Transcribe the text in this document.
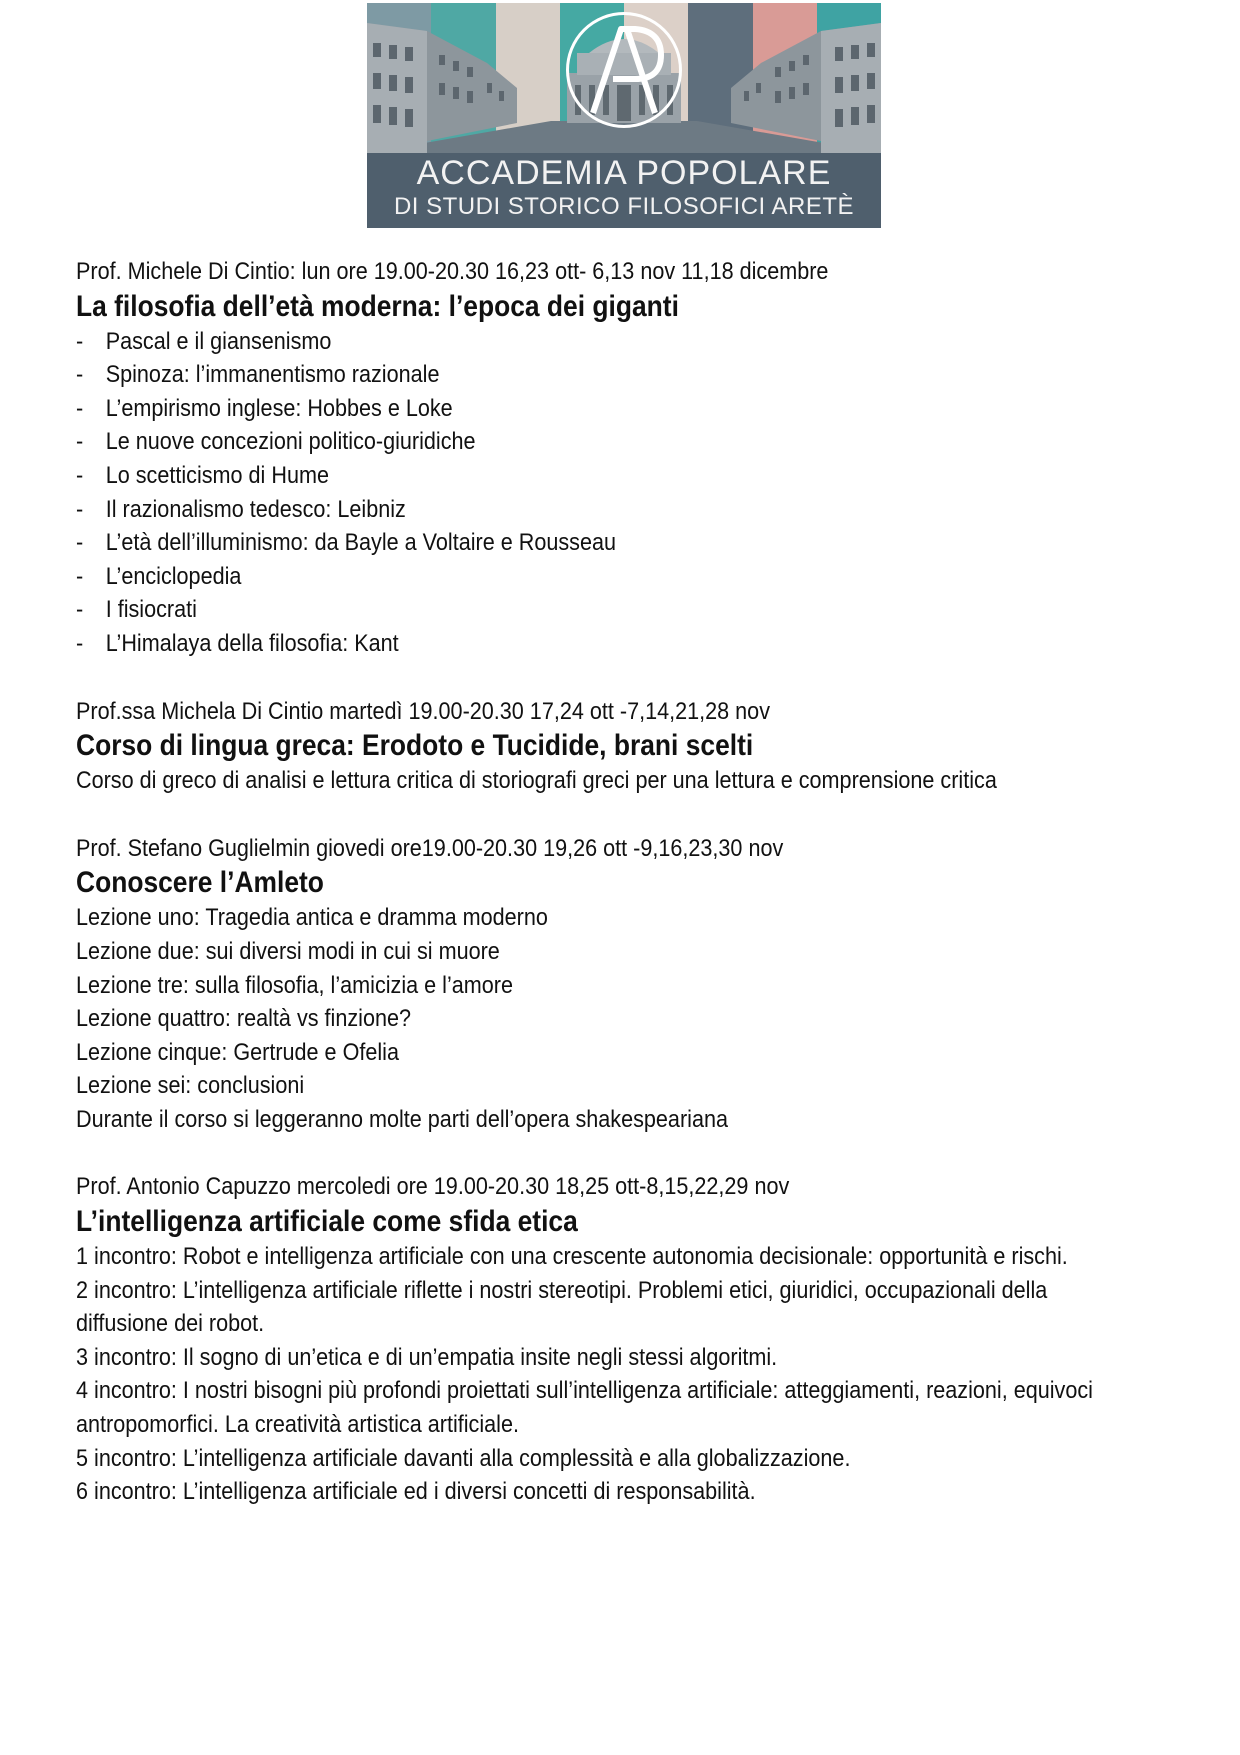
ACCADEMIA POPOLARE
DI STUDI STORICO FILOSOFICI ARETÈ
Prof. Michele Di Cintio: lun ore 19.00-20.30 16,23 ott- 6,13 nov 11,18 dicembre
La filosofia dell’età moderna: l’epoca dei giganti
- Pascal e il giansenismo
- Spinoza: l’immanentismo razionale
- L’empirismo inglese: Hobbes e Loke
- Le nuove concezioni politico-giuridiche
- Lo scetticismo di Hume
- Il razionalismo tedesco: Leibniz
- L’età dell’illuminismo: da Bayle a Voltaire e Rousseau
- L’enciclopedia
- I fisiocrati
- L’Himalaya della filosofia: Kant
Prof.ssa Michela Di Cintio martedì 19.00-20.30 17,24 ott -7,14,21,28 nov
Corso di lingua greca: Erodoto e Tucidide, brani scelti
Corso di greco di analisi e lettura critica di storiografi greci per una lettura e comprensione critica
Prof. Stefano Guglielmin giovedi ore19.00-20.30 19,26 ott -9,16,23,30 nov
Conoscere l’Amleto
Lezione uno: Tragedia antica e dramma moderno
Lezione due: sui diversi modi in cui si muore
Lezione tre: sulla filosofia, l’amicizia e l’amore
Lezione quattro: realtà vs finzione?
Lezione cinque: Gertrude e Ofelia
Lezione sei: conclusioni
Durante il corso si leggeranno molte parti dell’opera shakespeariana
Prof. Antonio Capuzzo mercoledi ore 19.00-20.30 18,25 ott-8,15,22,29 nov
L’intelligenza artificiale come sfida etica
1 incontro: Robot e intelligenza artificiale con una crescente autonomia decisionale: opportunità e rischi.
2 incontro: L’intelligenza artificiale riflette i nostri stereotipi. Problemi etici, giuridici, occupazionali della diffusione dei robot.
3 incontro: Il sogno di un’etica e di un’empatia insite negli stessi algoritmi.
4 incontro: I nostri bisogni più profondi proiettati sull’intelligenza artificiale: atteggiamenti, reazioni, equivoci antropomorfici. La creatività artistica artificiale.
5 incontro: L’intelligenza artificiale davanti alla complessità e alla globalizzazione.
6 incontro: L’intelligenza artificiale ed i diversi concetti di responsabilità.
